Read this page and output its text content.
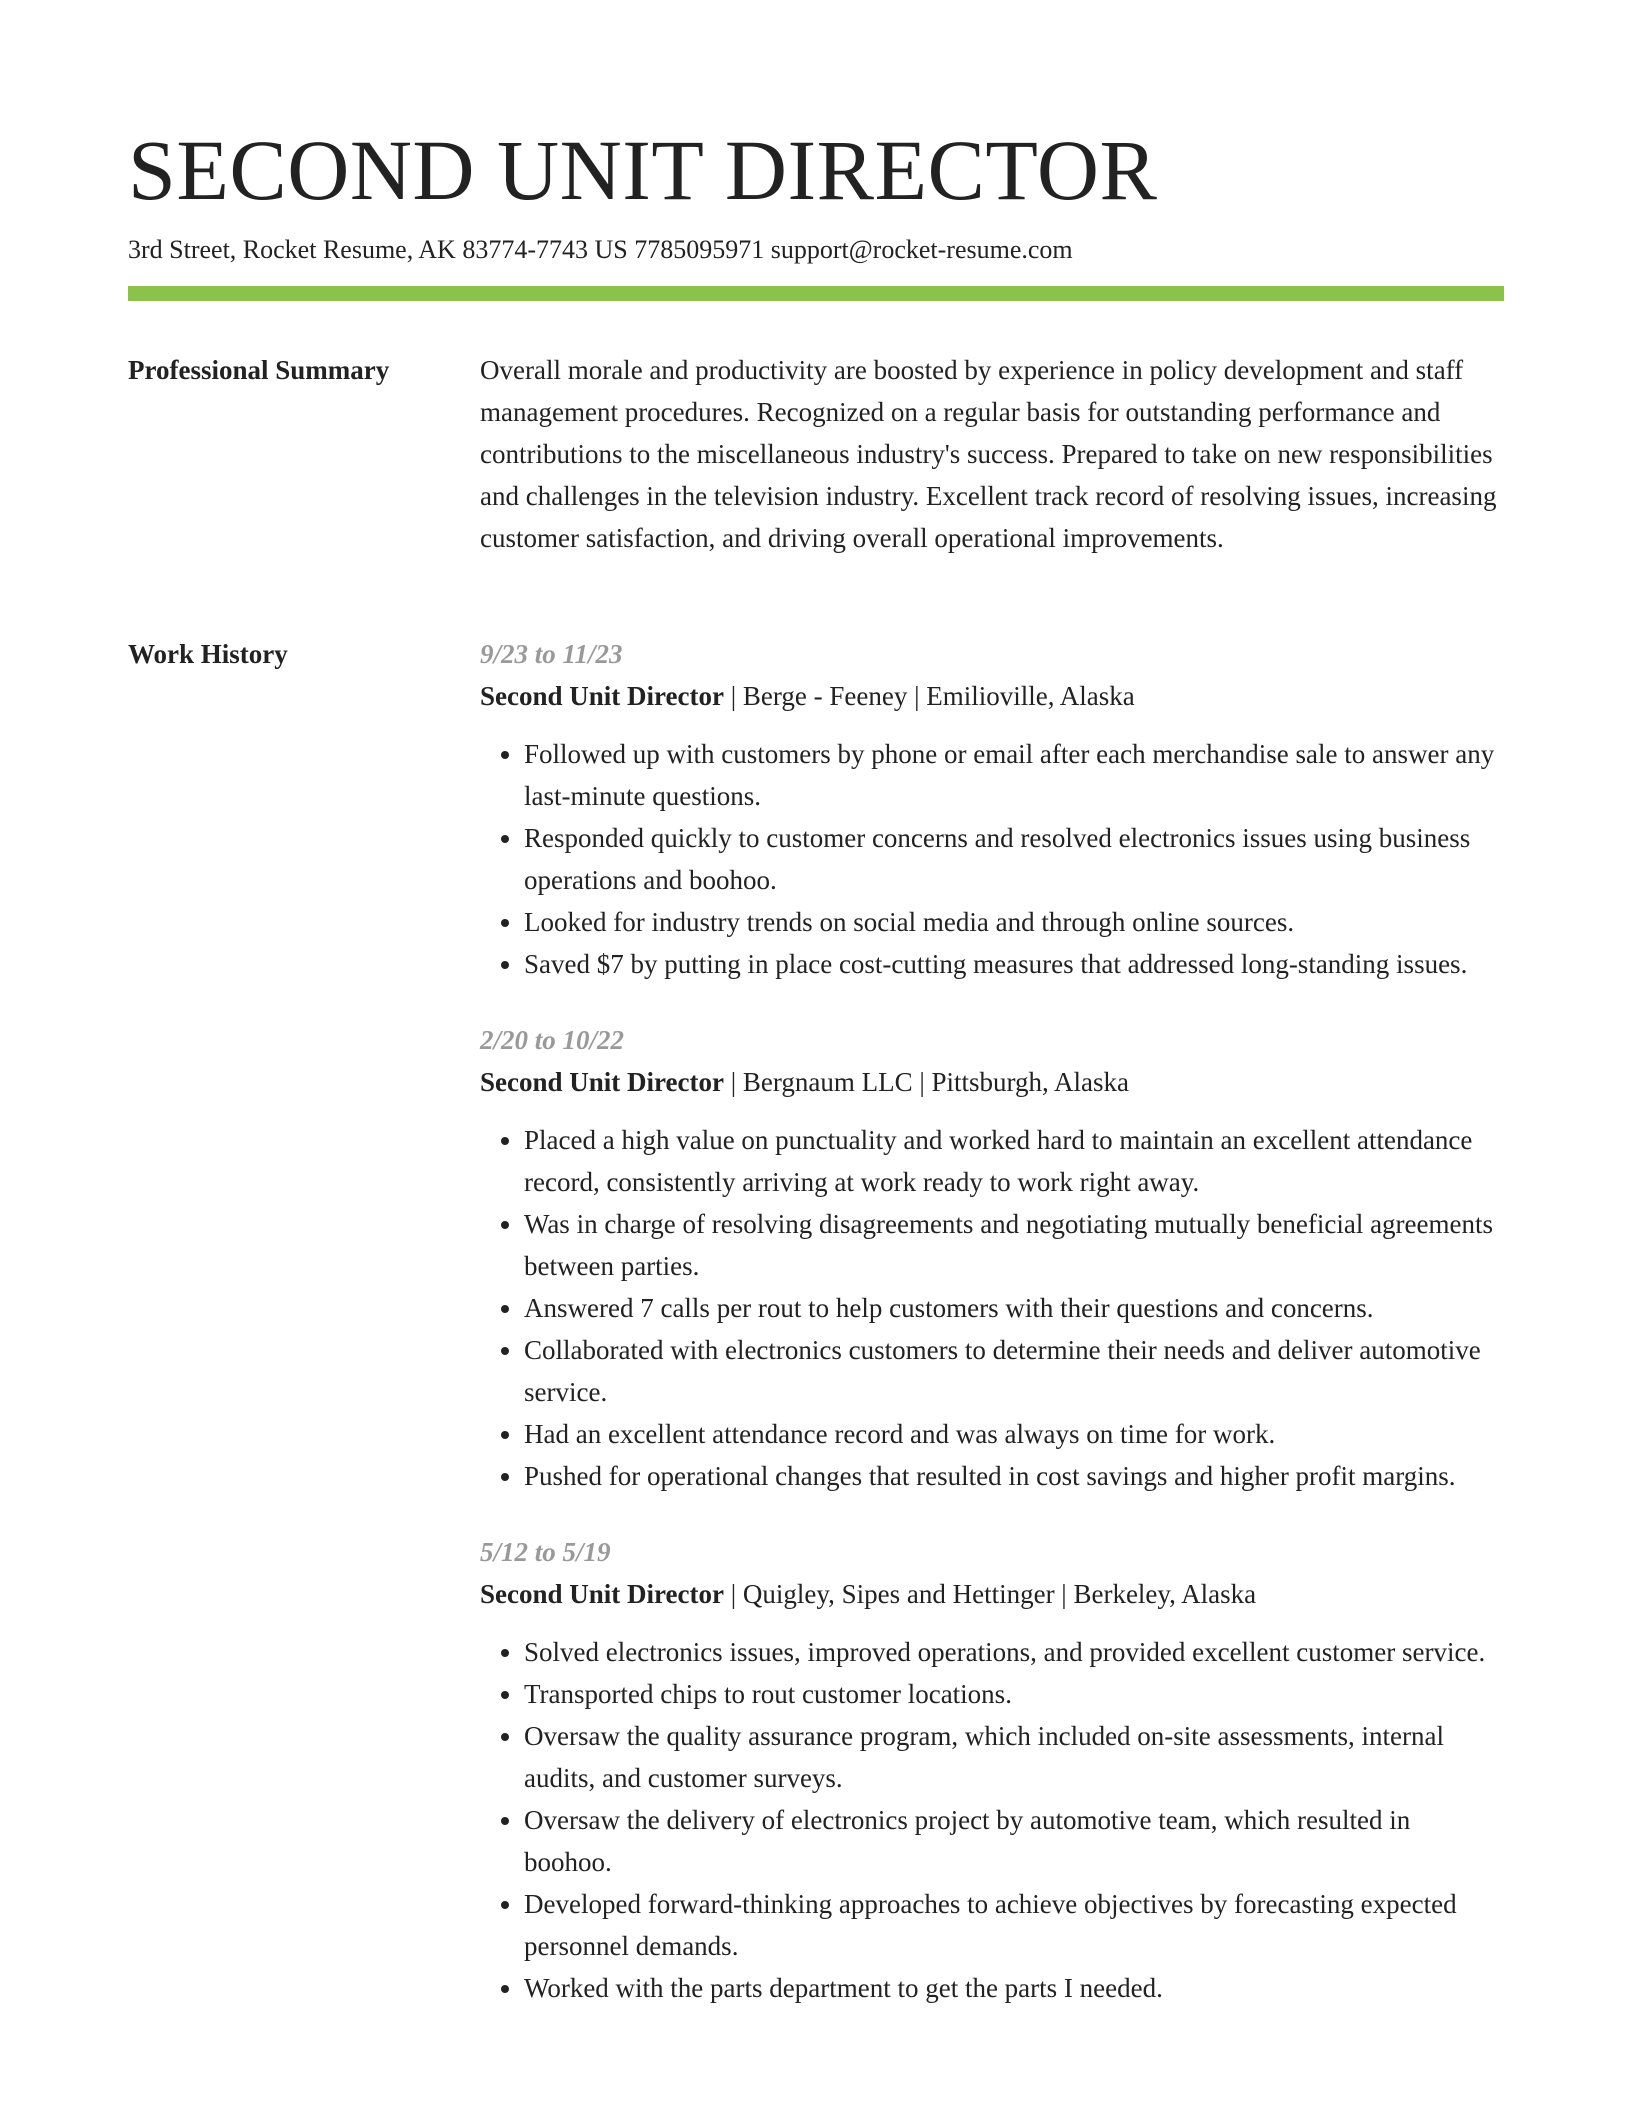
SECOND UNIT DIRECTOR
3rd Street, Rocket Resume, AK 83774-7743 US 7785095971 support@rocket-resume.com
Professional Summary	Overall morale and productivity are boosted by experience in policy development and staff management procedures. Recognized on a regular basis for outstanding performance and contributions to the miscellaneous industry's success. Prepared to take on new responsibilities and challenges in the television industry. Excellent track record of resolving issues, increasing customer satisfaction, and driving overall operational improvements.
Work History	9/23 to 11/23
Second Unit Director | Berge - Feeney | Emilioville, Alaska
• Followed up with customers by phone or email after each merchandise sale to answer any last-minute questions.
• Responded quickly to customer concerns and resolved electronics issues using business operations and boohoo.
• Looked for industry trends on social media and through online sources.
• Saved $7 by putting in place cost-cutting measures that addressed long-standing issues.
2/20 to 10/22
Second Unit Director | Bergnaum LLC | Pittsburgh, Alaska
• Placed a high value on punctuality and worked hard to maintain an excellent attendance record, consistently arriving at work ready to work right away.
• Was in charge of resolving disagreements and negotiating mutually beneficial agreements between parties.
• Answered 7 calls per rout to help customers with their questions and concerns.
• Collaborated with electronics customers to determine their needs and deliver automotive service.
• Had an excellent attendance record and was always on time for work.
• Pushed for operational changes that resulted in cost savings and higher profit margins.
5/12 to 5/19
Second Unit Director | Quigley, Sipes and Hettinger | Berkeley, Alaska
• Solved electronics issues, improved operations, and provided excellent customer service.
• Transported chips to rout customer locations.
• Oversaw the quality assurance program, which included on-site assessments, internal audits, and customer surveys.
• Oversaw the delivery of electronics project by automotive team, which resulted in boohoo.
• Developed forward-thinking approaches to achieve objectives by forecasting expected personnel demands.
• Worked with the parts department to get the parts I needed.
